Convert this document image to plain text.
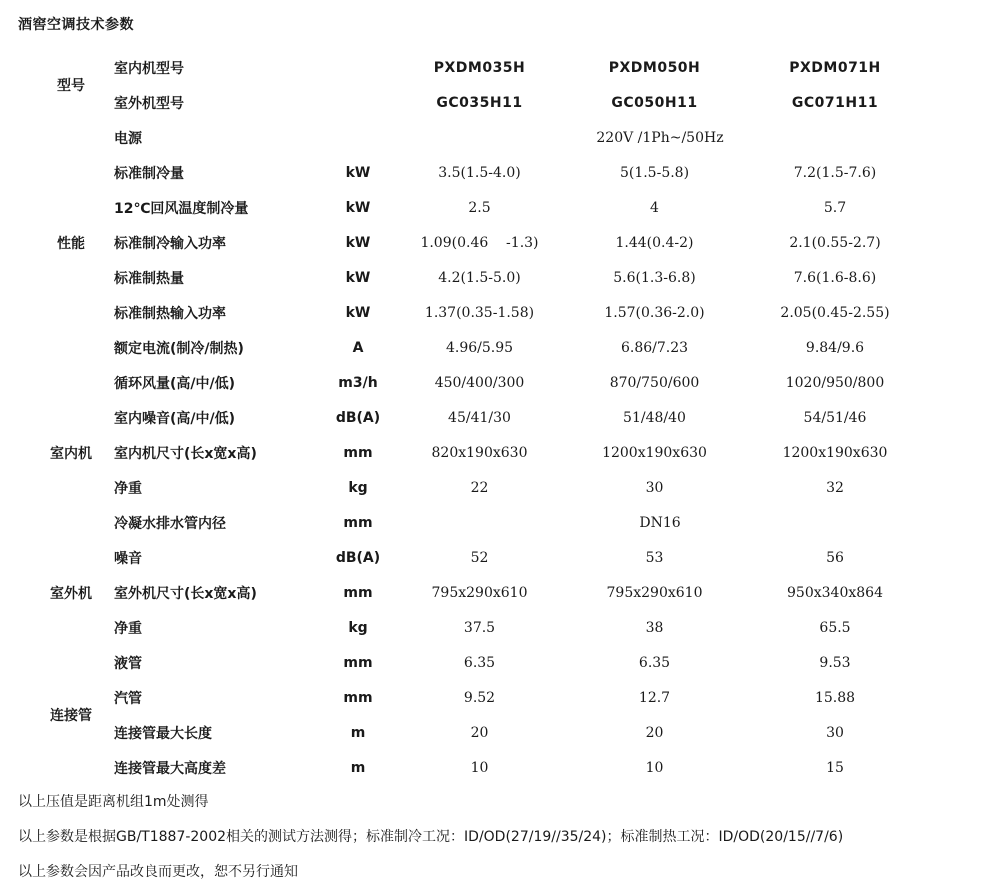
酒窖空调技术参数
型号	室内机型号		PXDM035H	PXDM050H	PXDM071H
	室外机型号		GC035H11	GC050H11	GC071H11
性能	电源		220V /1Ph~/50Hz		
	标准制冷量	kW	3.5(1.5-4.0)	5(1.5-5.8)	7.2(1.5-7.6)
	12℃回风温度制冷量	kW	2.5	4	5.7
	标准制冷输入功率	kW	1.09(0.46    -1.3)	1.44(0.4-2)	2.1(0.55-2.7)
	标准制热量	kW	4.2(1.5-5.0)	5.6(1.3-6.8)	7.6(1.6-8.6)
	标准制热输入功率	kW	1.37(0.35-1.58)	1.57(0.36-2.0)	2.05(0.45-2.55)
	额定电流(制冷/制热)	A	4.96/5.95	6.86/7.23	9.84/9.6
室内机	循环风量(高/中/低)	m3/h	450/400/300	870/750/600	1020/950/800
	室内噪音(高/中/低)	dB(A)	45/41/30	51/48/40	54/51/46
	室内机尺寸(长x宽x高)	mm	820x190x630	1200x190x630	1200x190x630
	净重	kg	22	30	32
	冷凝水排水管内径	mm	DN16		
室外机	噪音	dB(A)	52	53	56
	室外机尺寸(长x宽x高)	mm	795x290x610	795x290x610	950x340x864
	净重	kg	37.5	38	65.5
连接管	液管	mm	6.35	6.35	9.53
	汽管	mm	9.52	12.7	15.88
	连接管最大长度	m	20	20	30
	连接管最大高度差	m	10	10	15
以上压值是距离机组1m处测得
以上参数是根据GB/T1887-2002相关的测试方法测得；标准制冷工况：ID/OD(27/19//35/24)；标准制热工况：ID/OD(20/15//7/6)
以上参数会因产品改良而更改，恕不另行通知
